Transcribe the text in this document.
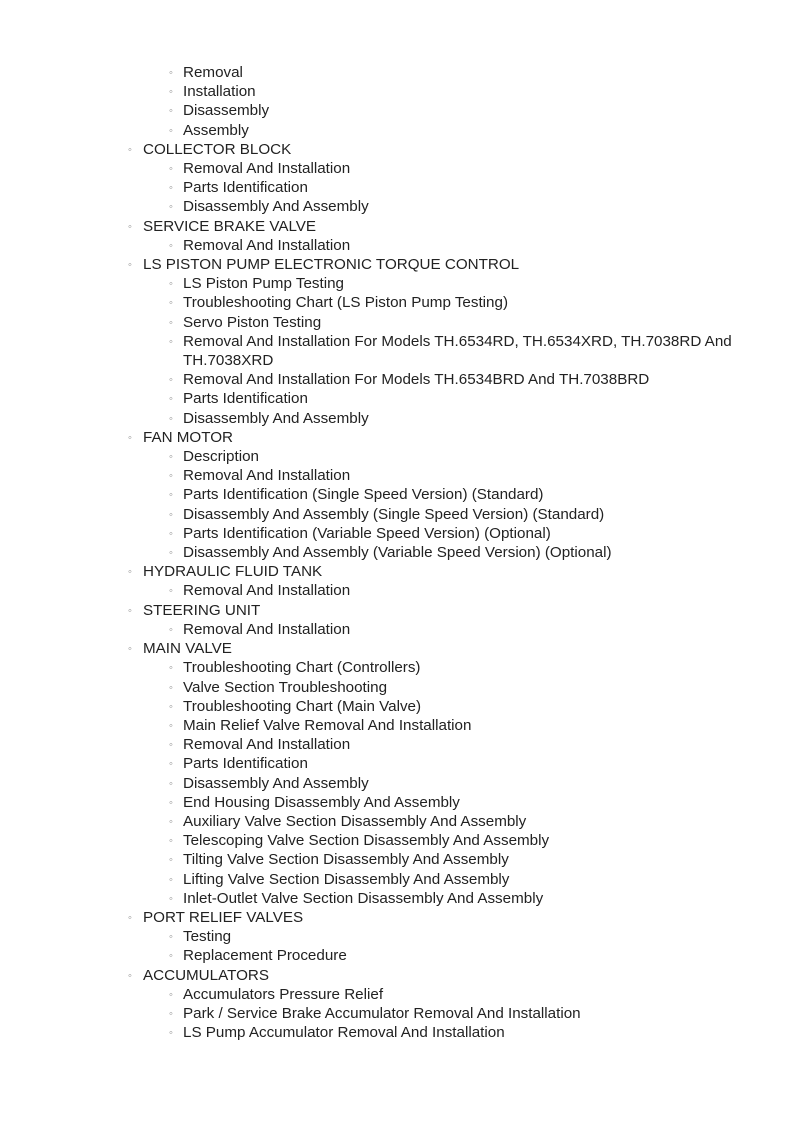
◦ Removal
◦ Installation
◦ Disassembly
◦ Assembly
◦ COLLECTOR BLOCK
◦ Removal And Installation
◦ Parts Identification
◦ Disassembly And Assembly
◦ SERVICE BRAKE VALVE
◦ Removal And Installation
◦ LS PISTON PUMP ELECTRONIC TORQUE CONTROL
◦ LS Piston Pump Testing
◦ Troubleshooting Chart (LS Piston Pump Testing)
◦ Servo Piston Testing
◦ Removal And Installation For Models TH.6534RD, TH.6534XRD, TH.7038RD And TH.7038XRD
◦ Removal And Installation For Models TH.6534BRD And TH.7038BRD
◦ Parts Identification
◦ Disassembly And Assembly
◦ FAN MOTOR
◦ Description
◦ Removal And Installation
◦ Parts Identification (Single Speed Version) (Standard)
◦ Disassembly And Assembly (Single Speed Version) (Standard)
◦ Parts Identification (Variable Speed Version) (Optional)
◦ Disassembly And Assembly (Variable Speed Version) (Optional)
◦ HYDRAULIC FLUID TANK
◦ Removal And Installation
◦ STEERING UNIT
◦ Removal And Installation
◦ MAIN VALVE
◦ Troubleshooting Chart (Controllers)
◦ Valve Section Troubleshooting
◦ Troubleshooting Chart (Main Valve)
◦ Main Relief Valve Removal And Installation
◦ Removal And Installation
◦ Parts Identification
◦ Disassembly And Assembly
◦ End Housing Disassembly And Assembly
◦ Auxiliary Valve Section Disassembly And Assembly
◦ Telescoping Valve Section Disassembly And Assembly
◦ Tilting Valve Section Disassembly And Assembly
◦ Lifting Valve Section Disassembly And Assembly
◦ Inlet-Outlet Valve Section Disassembly And Assembly
◦ PORT RELIEF VALVES
◦ Testing
◦ Replacement Procedure
◦ ACCUMULATORS
◦ Accumulators Pressure Relief
◦ Park / Service Brake Accumulator Removal And Installation
◦ LS Pump Accumulator Removal And Installation
